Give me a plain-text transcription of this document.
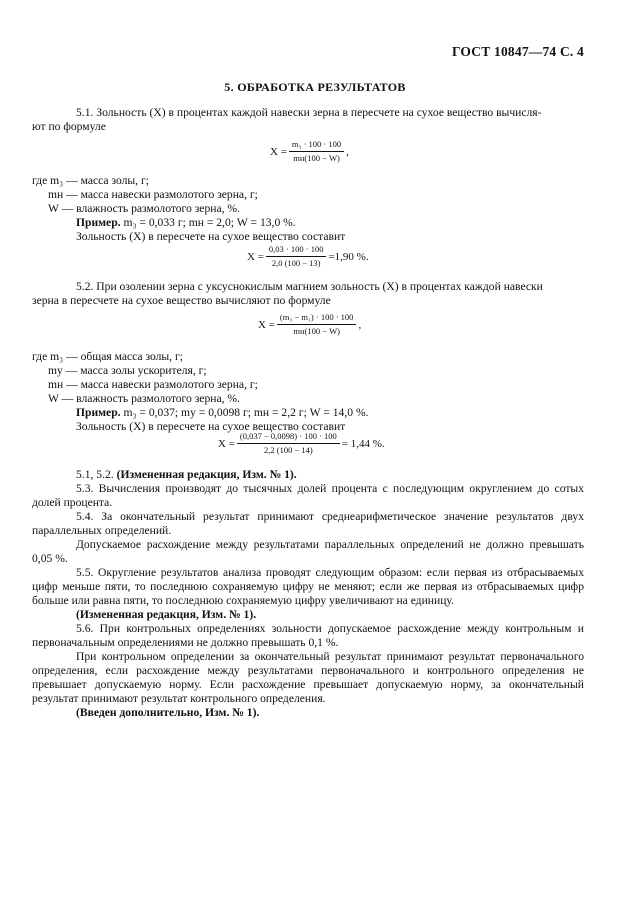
ГОСТ 10847—74 С. 4
5. ОБРАБОТКА РЕЗУЛЬТАТОВ
5.1. Зольность (X) в процентах каждой навески зерна в пересчете на сухое вещество вычисля-
ют по формуле
$X = \frac{\text{m₃ · 100 · 100}}{mн(100 - W)}$ ,
где m₃ — масса золы, г;
mн — масса навески размолотого зерна, г;
W — влажность размолотого зерна, %.
Пример. m₃ = 0,033 г; mн = 2,0; W = 13,0 %.
Зольность (X) в пересчете на сухое вещество составит
$X = \frac{0,03 \cdot 100 \cdot 100}{2,0 (100 - 13)} =1,90$ %.
5.2. При озолении зерна с уксуснокислым магнием зольность (X) в процентах каждой навески
зерна в пересчете на сухое вещество вычисляют по формуле
$X = \frac{\text{(m₃ − m₁) · 100 · 100}}{mн(100 - W)}$ ,
где m₃ — общая масса золы, г;
mу — масса золы ускорителя, г;
mн — масса навески размолотого зерна, г;
W — влажность размолотого зерна, %.
Пример. m₃ = 0,037; mу = 0,0098 г; mн = 2,2 г; W = 14,0 %.
Зольность (X) в пересчете на сухое вещество составит
$X = \frac{(0,037 - 0,0098) \cdot 100 \cdot 100}{2,2 (100 - 14)} = 1,44$ %.
5.1, 5.2. (Измененная редакция, Изм. № 1).
5.3. Вычисления производят до тысячных долей процента с последующим округлением до сотых долей процента.
5.4. За окончательный результат принимают среднеарифметическое значение результатов двух параллельных определений.
Допускаемое расхождение между результатами параллельных определений не должно превышать 0,05 %.
5.5. Округление результатов анализа проводят следующим образом: если первая из отбрасываемых цифр меньше пяти, то последнюю сохраняемую цифру не меняют; если же первая из отбрасываемых цифр больше или равна пяти, то последнюю сохраняемую цифру увеличивают на единицу.
(Измененная редакция, Изм. № 1).
5.6. При контрольных определениях зольности допускаемое расхождение между контрольным и первоначальным определениями не должно превышать 0,1 %.
При контрольном определении за окончательный результат принимают результат первоначального определения, если расхождение между результатами первоначального и контрольного определения не превышает допускаемую норму. Если расхождение превышает допускаемую норму, за окончательный результат принимают результат контрольного определения.
(Введен дополнительно, Изм. № 1).
